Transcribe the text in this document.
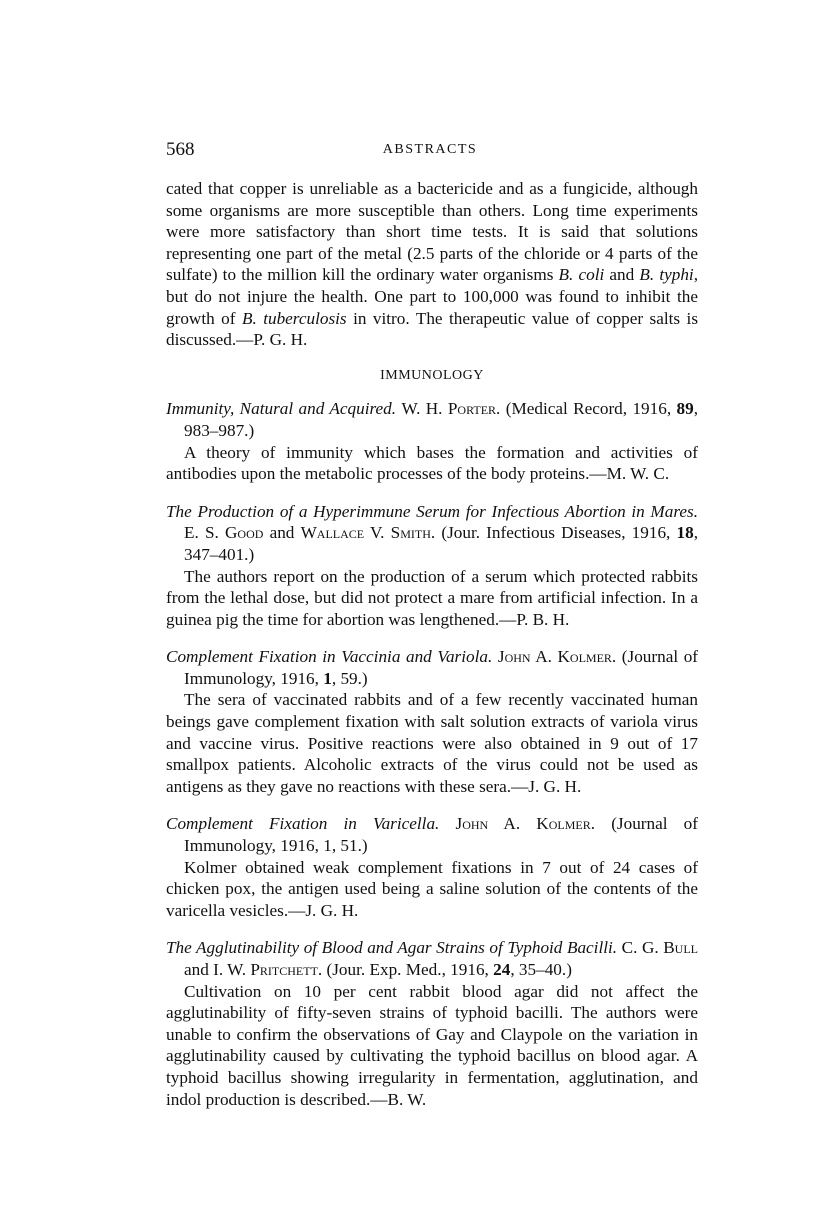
568	ABSTRACTS

cated that copper is unreliable as a bactericide and as a fungicide, although some organisms are more susceptible than others. Long time experiments were more satisfactory than short time tests. It is said that solutions representing one part of the metal (2.5 parts of the chloride or 4 parts of the sulfate) to the million kill the ordinary water organisms B. coli and B. typhi, but do not injure the health. One part to 100,000 was found to inhibit the growth of B. tuberculosis in vitro. The therapeutic value of copper salts is discussed.—P. G. H.

IMMUNOLOGY

Immunity, Natural and Acquired. W. H. Porter. (Medical Record, 1916, 89, 983–987.)

A theory of immunity which bases the formation and activities of antibodies upon the metabolic processes of the body proteins.—M. W. C.

The Production of a Hyperimmune Serum for Infectious Abortion in Mares. E. S. Good and Wallace V. Smith. (Jour. Infectious Diseases, 1916, 18, 347–401.)

The authors report on the production of a serum which protected rabbits from the lethal dose, but did not protect a mare from artificial infection. In a guinea pig the time for abortion was lengthened.—P. B. H.

Complement Fixation in Vaccinia and Variola. John A. Kolmer. (Journal of Immunology, 1916, 1, 59.)

The sera of vaccinated rabbits and of a few recently vaccinated human beings gave complement fixation with salt solution extracts of variola virus and vaccine virus. Positive reactions were also obtained in 9 out of 17 smallpox patients. Alcoholic extracts of the virus could not be used as antigens as they gave no reactions with these sera.—J. G. H.

Complement Fixation in Varicella. John A. Kolmer. (Journal of Immunology, 1916, 1, 51.)

Kolmer obtained weak complement fixations in 7 out of 24 cases of chicken pox, the antigen used being a saline solution of the contents of the varicella vesicles.—J. G. H.

The Agglutinability of Blood and Agar Strains of Typhoid Bacilli. C. G. Bull and I. W. Pritchett. (Jour. Exp. Med., 1916, 24, 35–40.)

Cultivation on 10 per cent rabbit blood agar did not affect the agglutinability of fifty-seven strains of typhoid bacilli. The authors were unable to confirm the observations of Gay and Claypole on the variation in agglutinability caused by cultivating the typhoid bacillus on blood agar. A typhoid bacillus showing irregularity in fermentation, agglutination, and indol production is described.—B. W.
